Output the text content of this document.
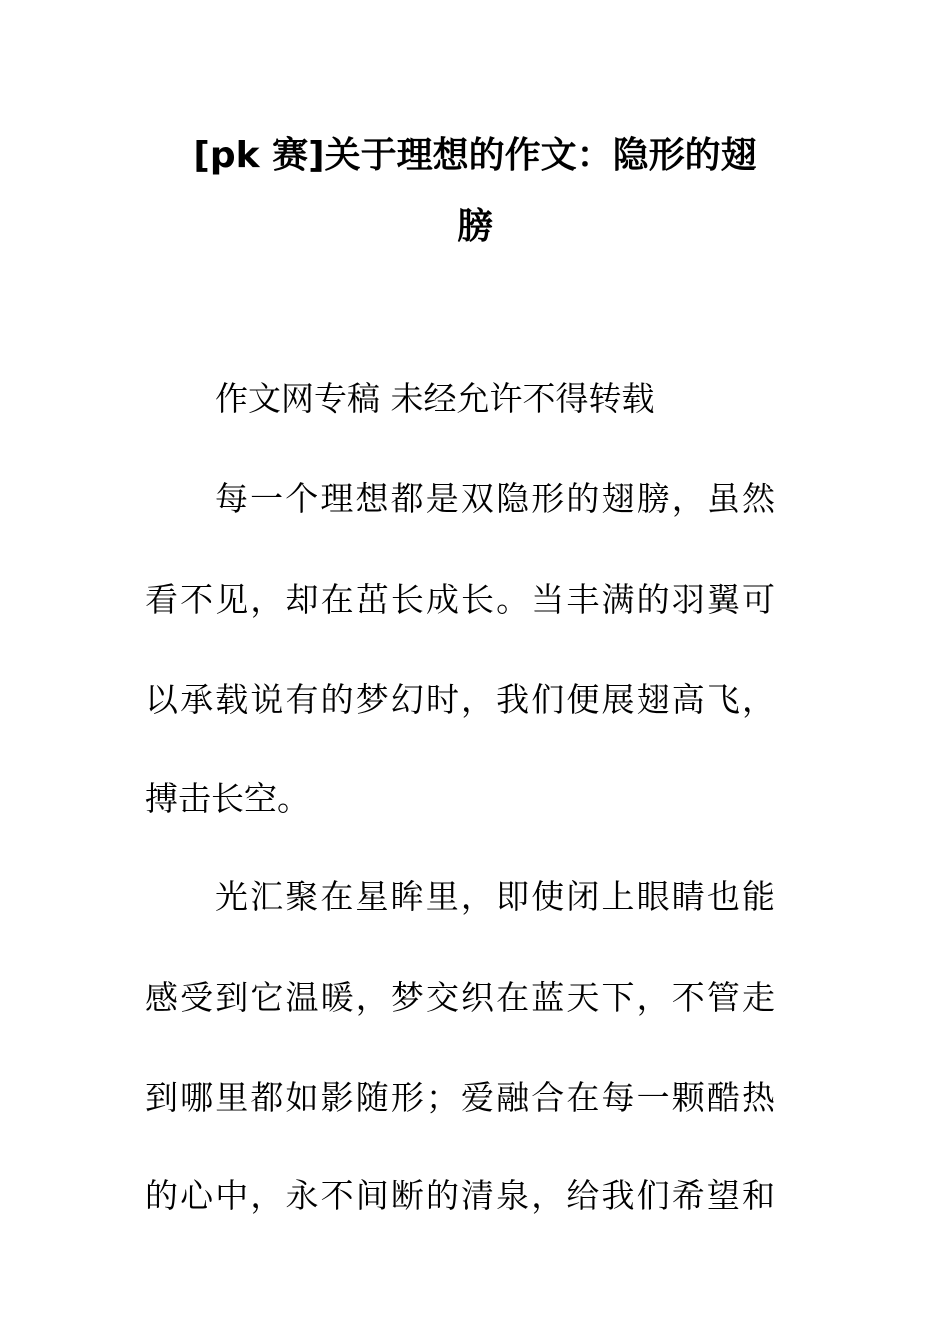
[pk 赛]关于理想的作文：隐形的翅
膀
作文网专稿 未经允许不得转载
每一个理想都是双隐形的翅膀，虽然
看不见，却在茁长成长。当丰满的羽翼可
以承载说有的梦幻时，我们便展翅高飞，
搏击长空。
光汇聚在星眸里，即使闭上眼睛也能
感受到它温暖，梦交织在蓝天下，不管走
到哪里都如影随形；爱融合在每一颗酷热
的心中，永不间断的清泉，给我们希望和
